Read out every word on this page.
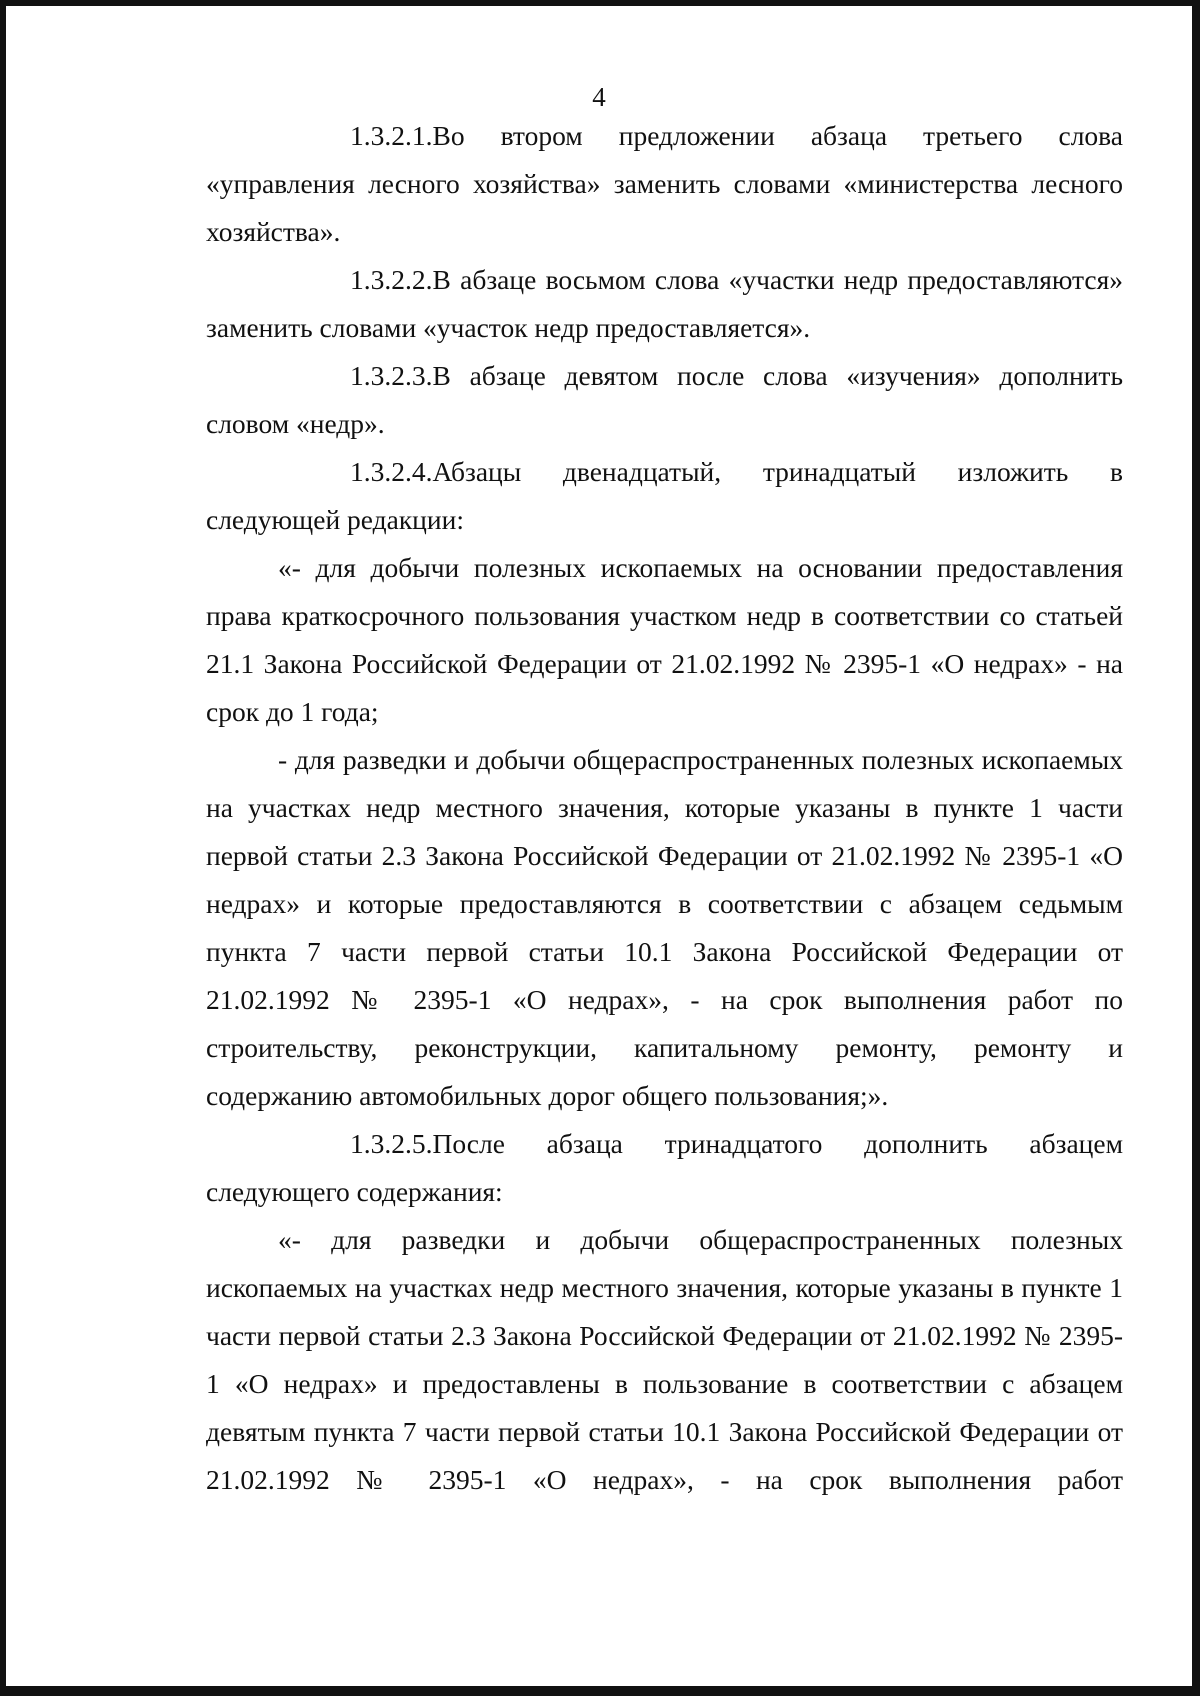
4

1.3.2.1.Во втором предложении абзаца третьего слова «управления лесного хозяйства» заменить словами «министерства лесного хозяйства».

1.3.2.2.В абзаце восьмом слова «участки недр предоставляются» заменить словами «участок недр предоставляется».

1.3.2.3.В абзаце девятом после слова «изучения» дополнить словом «недр».

1.3.2.4.Абзацы двенадцатый, тринадцатый изложить в следующей редакции:

«- для добычи полезных ископаемых на основании предоставления права краткосрочного пользования участком недр в соответствии со статьей 21.1 Закона Российской Федерации от 21.02.1992 № 2395-1 «О недрах» - на срок до 1 года;

- для разведки и добычи общераспространенных полезных ископаемых на участках недр местного значения, которые указаны в пункте 1 части первой статьи 2.3 Закона Российской Федерации от 21.02.1992 № 2395-1 «О недрах» и которые предоставляются в соответствии с абзацем седьмым пункта 7 части первой статьи 10.1 Закона Российской Федерации от 21.02.1992 № 2395-1 «О недрах», - на срок выполнения работ по строительству, реконструкции, капитальному ремонту, ремонту и содержанию автомобильных дорог общего пользования;».

1.3.2.5.После абзаца тринадцатого дополнить абзацем следующего содержания:

«- для разведки и добычи общераспространенных полезных ископаемых на участках недр местного значения, которые указаны в пункте 1 части первой статьи 2.3 Закона Российской Федерации от 21.02.1992 № 2395-1 «О недрах» и предоставлены в пользование в соответствии с абзацем девятым пункта 7 части первой статьи 10.1 Закона Российской Федерации от 21.02.1992 № 2395-1 «О недрах», - на срок выполнения работ
